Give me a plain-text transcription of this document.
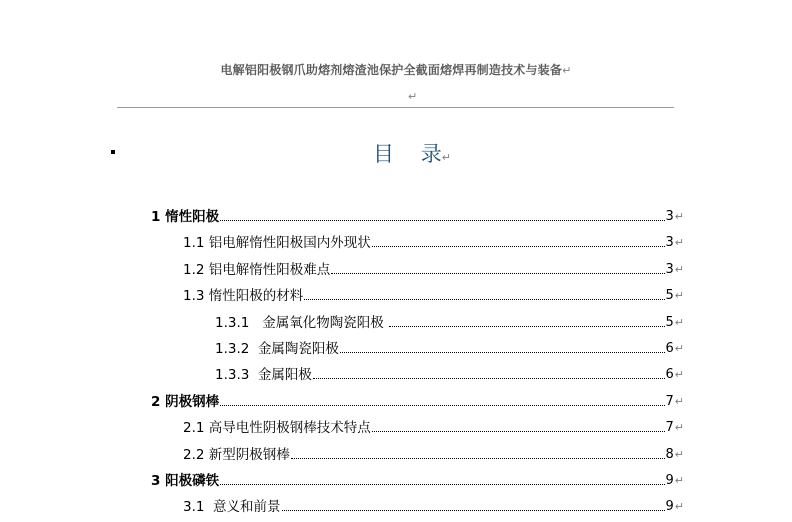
电解铝阳极钢爪助熔剂熔渣池保护全截面熔焊再制造技术与装备↵
↵
目    录↵
1 惰性阳极	3 ↵
1.1 铝电解惰性阳极国内外现状	3 ↵
1.2 铝电解惰性阳极难点	3 ↵
1.3 惰性阳极的材料	5 ↵
1.3.1   金属氧化物陶瓷阳极	5 ↵
1.3.2  金属陶瓷阳极	6 ↵
1.3.3  金属阳极	6 ↵
2 阴极钢棒	7 ↵
2.1 高导电性阴极钢棒技术特点	7 ↵
2.2 新型阴极钢棒	8 ↵
3 阳极磷铁	9 ↵
3.1  意义和前景	9 ↵
